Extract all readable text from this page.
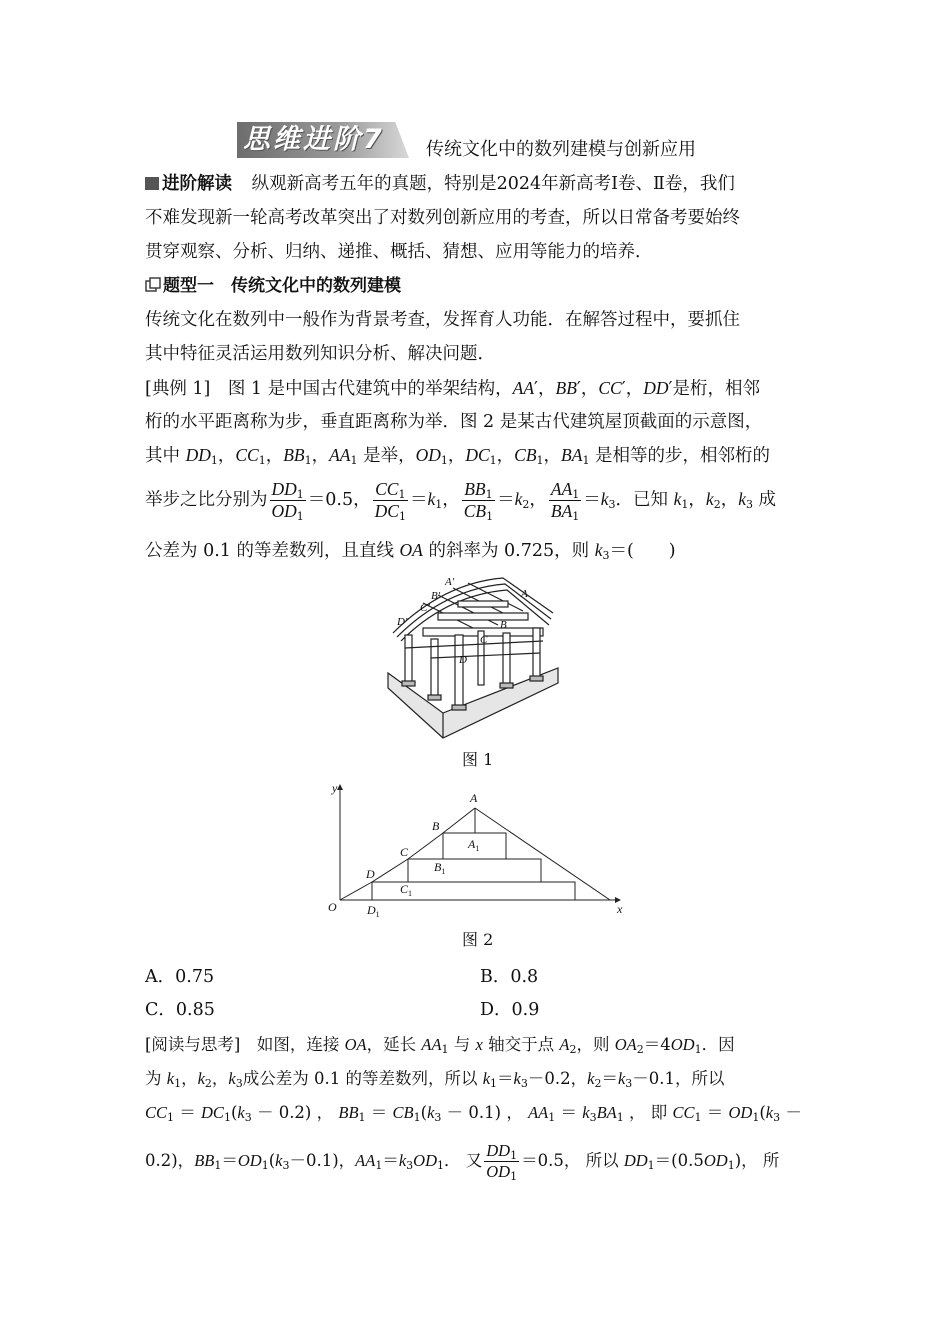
思维进阶7 传统文化中的数列建模与创新应用
进阶解读 纵观新高考五年的真题，特别是2024年新高考Ⅰ卷、Ⅱ卷，我们
不难发现新一轮高考改革突出了对数列创新应用的考查，所以日常备考要始终
贯穿观察、分析、归纳、递推、概括、猜想、应用等能力的培养．
题型一　传统文化中的数列建模
传统文化在数列中一般作为背景考查，发挥育人功能．在解答过程中，要抓住
其中特征灵活运用数列知识分析、解决问题．
[典例 1]　图 1 是中国古代建筑中的举架结构，AA′，BB′，CC′，DD′是桁，相邻
桁的水平距离称为步，垂直距离称为举．图 2 是某古代建筑屋顶截面的示意图，
其中 $DD_1$，$CC_1$，$BB_1$，$AA_1$ 是举，$OD_1$，$DC_1$，$CB_1$，$BA_1$ 是相等的步，相邻桁的
举步之比分别为 $\frac{DD_1}{OD_1} =0.5$， $\frac{CC_1}{DC_1} =k_1$， $\frac{BB_1}{CB_1} =k_2$， $\frac{AA_1}{BA_1} =k_3$．已知 $k_1$，$k_2$，$k_3$ 成
公差为 0.1 的等差数列，且直线 OA 的斜率为 0.725，则 $k_3=$(　　)
A′
B′
C′
D′
A
B
C
D
图 1
y
x
O
A
B
C
D
$A_1$
$B_1$
$C_1$
$D_1$
图 2
A．0.75	B．0.8
C．0.85	D．0.9
[阅读与思考]　如图，连接 OA，延长 $AA_1$ 与 x 轴交于点 $A_2$，则 $OA_2=4OD_1$．因
为 $k_1$，$k_2$，$k_3$成公差为 0.1 的等差数列，所以 $k_1=k_3-0.2$，$k_2=k_3-0.1$，所以
$CC_1 = DC_1(k_3 - 0.2)$ ， $BB_1 = CB_1(k_3 - 0.1)$ ， $AA_1 = k_3BA_1$ ， 即 $CC_1 = OD_1(k_3$ －
0.2)，$BB_1=OD_1(k_3-0.1)$，$AA_1=k_3OD_1$． 又 $\frac{DD_1}{OD_1} =0.5$， 所以 $DD_1=(0.5OD_1)$， 所
